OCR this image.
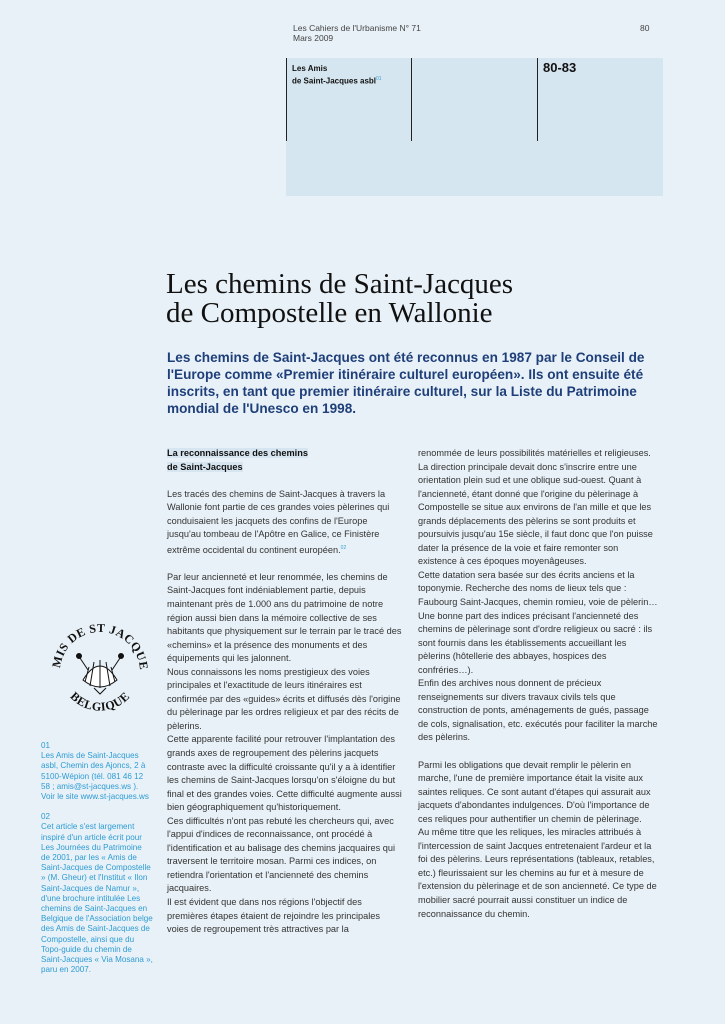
Les Cahiers de l'Urbanisme N° 71
Mars 2009
80
Les Amis
de Saint-Jacques asbl$^{01}$
80-83
Les chemins de Saint-Jacques
de Compostelle en Wallonie
Les chemins de Saint-Jacques ont été reconnus en 1987 par le Conseil de l'Europe comme «Premier itinéraire culturel européen». Ils ont ensuite été inscrits, en tant que premier itinéraire culturel, sur la Liste du Patrimoine mondial de l'Unesco en 1998.

La reconnaissance des chemins
de Saint-Jacques

Les tracés des chemins de Saint-Jacques à travers la Wallonie font partie de ces grandes voies pèlerines qui conduisaient les jacquets des confins de l'Europe jusqu'au tombeau de l'Apôtre en Galice, ce Finistère extrême occidental du continent européen.$^{02}$

Par leur ancienneté et leur renommée, les chemins de Saint-Jacques font indéniablement partie, depuis maintenant près de 1.000 ans du patrimoine de notre région aussi bien dans la mémoire collective de ses habitants que physiquement sur le terrain par le tracé des «chemins» et la présence des monuments et des équipements qui les jalonnent.

Nous connaissons les noms prestigieux des voies principales et l'exactitude de leurs itinéraires est confirmée par des «guides» écrits et diffusés dès l'origine du pèlerinage par les ordres religieux et par des récits de pèlerins.

Cette apparente facilité pour retrouver l'implantation des grands axes de regroupement des pèlerins jacquets contraste avec la difficulté croissante qu'il y a à identifier les chemins de Saint-Jacques lorsqu'on s'éloigne du but final et des grandes voies. Cette difficulté augmente aussi bien géographiquement qu'historiquement.

Ces difficultés n'ont pas rebuté les chercheurs qui, avec l'appui d'indices de reconnaissance, ont procédé à l'identification et au balisage des chemins jacquaires qui traversent le territoire mosan. Parmi ces indices, on retiendra l'orientation et l'ancienneté des chemins jacquaires.

Il est évident que dans nos régions l'objectif des premières étapes étaient de rejoindre les principales voies de regroupement très attractives par la

renommée de leurs possibilités matérielles et religieuses. La direction principale devait donc s'inscrire entre une orientation plein sud et une oblique sud-ouest. Quant à l'ancienneté, étant donné que l'origine du pèlerinage à Compostelle se situe aux environs de l'an mille et que les grands déplacements des pèlerins se sont produits et poursuivis jusqu'au 15e siècle, il faut donc que l'on puisse dater la présence de la voie et faire remonter son existence à ces époques moyenâgeuses.

Cette datation sera basée sur des écrits anciens et la toponymie. Recherche des noms de lieux tels que : Faubourg Saint-Jacques, chemin romieu, voie de pèlerin…

Une bonne part des indices précisant l'ancienneté des chemins de pèlerinage sont d'ordre religieux ou sacré : ils sont fournis dans les établissements accueillant les pèlerins (hôtellerie des abbayes, hospices des confréries…).

Enfin des archives nous donnent de précieux renseignements sur divers travaux civils tels que construction de ponts, aménagements de gués, passage de cols, signalisation, etc. exécutés pour faciliter la marche des pèlerins.

Parmi les obligations que devait remplir le pèlerin en marche, l'une de première importance était la visite aux saintes reliques. Ce sont autant d'étapes qui assurait aux jacquets d'abondantes indulgences. D'où l'importance de ces reliques pour authentifier un chemin de pèlerinage.

Au même titre que les reliques, les miracles attribués à l'intercession de saint Jacques entretenaient l'ardeur et la foi des pèlerins. Leurs représentations (tableaux, retables, etc.) fleurissaient sur les chemins au fur et à mesure de l'extension du pèlerinage et de son ancienneté. Ce type de mobilier sacré pourrait aussi constituer un indice de reconnaissance du chemin.

MIS DE ST JACQUE
BELGIQUE

01

Les Amis de Saint-Jacques asbl, Chemin des Ajoncs, 2 à 5100-Wépion (tél. 081 46 12 58 ; amis@st-jacques.ws ). Voir le site www.st-jacques.ws

02

Cet article s'est largement inspiré d'un article écrit pour Les Journées du Patrimoine de 2001, par les « Amis de Saint-Jacques de Compostelle » (M. Gheur) et l'Institut « Ilon Saint-Jacques de Namur », d'une brochure intitulée Les chemins de Saint-Jacques en Belgique de l'Association belge des Amis de Saint-Jacques de Compostelle, ainsi que du Topo-guide du chemin de Saint-Jacques « Via Mosana », paru en 2007.
